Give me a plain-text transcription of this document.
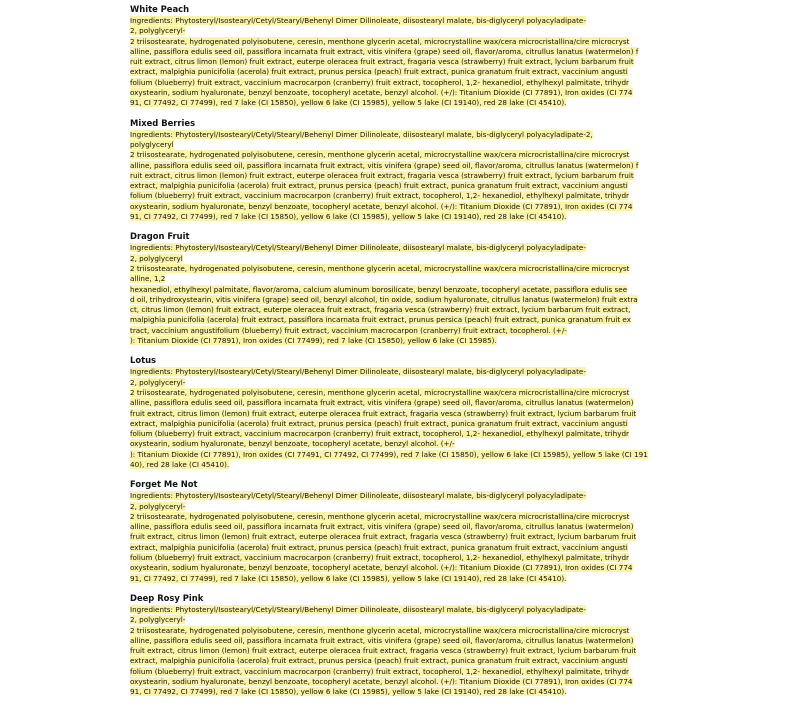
White Peach
Ingredients: Phytosteryl/Isostearyl/Cetyl/Stearyl/Behenyl Dimer Dilinoleate, diisostearyl malate, bis-diglyceryl polyacyladipate-
2, polyglyceryl-
2 triisostearate, hydrogenated polyisobutene, ceresin, menthone glycerin acetal, microcrystalline wax/cera microcristallina/cire microcryst
alline, passiflora edulis seed oil, passiflora incarnata fruit extract, vitis vinifera (grape) seed oil, flavor/aroma, citrullus lanatus (watermelon) f
ruit extract, citrus limon (lemon) fruit extract, euterpe oleracea fruit extract, fragaria vesca (strawberry) fruit extract, lycium barbarum fruit
extract, malpighia punicifolia (acerola) fruit extract, prunus persica (peach) fruit extract, punica granatum fruit extract, vaccinium angusti
folium (blueberry) fruit extract, vaccinium macrocarpon (cranberry) fruit extract, tocopherol, 1,2- hexanediol, ethylhexyl palmitate, trihydr
oxystearin, sodium hyaluronate, benzyl benzoate, tocopheryl acetate, benzyl alcohol. (+/): Titanium Dioxide (CI 77891), Iron oxides (CI 774
91, CI 77492, CI 77499), red 7 lake (CI 15850), yellow 6 lake (CI 15985), yellow 5 lake (CI 19140), red 28 lake (CI 45410).
Mixed Berries
Ingredients: Phytosteryl/Isostearyl/Cetyl/Stearyl/Behenyl Dimer Dilinoleate, diisostearyl malate, bis-diglyceryl polyacyladipate-2,
polyglyceryl
2 triisostearate, hydrogenated polyisobutene, ceresin, menthone glycerin acetal, microcrystalline wax/cera microcristallina/cire microcryst
alline, passiflora edulis seed oil, passiflora incarnata fruit extract, vitis vinifera (grape) seed oil, flavor/aroma, citrullus lanatus (watermelon) f
ruit extract, citrus limon (lemon) fruit extract, euterpe oleracea fruit extract, fragaria vesca (strawberry) fruit extract, lycium barbarum fruit
extract, malpighia punicifolia (acerola) fruit extract, prunus persica (peach) fruit extract, punica granatum fruit extract, vaccinium angusti
folium (blueberry) fruit extract, vaccinium macrocarpon (cranberry) fruit extract, tocopherol, 1,2- hexanediol, ethylhexyl palmitate, trihydr
oxystearin, sodium hyaluronate, benzyl benzoate, tocopheryl acetate, benzyl alcohol. (+/): Titanium Dioxide (CI 77891), Iron oxides (CI 774
91, CI 77492, CI 77499), red 7 lake (CI 15850), yellow 6 lake (CI 15985), yellow 5 lake (CI 19140), red 28 lake (CI 45410).
Dragon Fruit
Ingredients: Phytosteryl/Isostearyl/Cetyl/Stearyl/Behenyl Dimer Dilinoleate, diisostearyl malate, bis-diglyceryl polyacyladipate-
2, polyglyceryl
2 triisostearate, hydrogenated polyisobutene, ceresin, menthone glycerin acetal, microcrystalline wax/cera microcristallina/cire microcryst
alline, 1,2
hexanediol, ethylhexyl palmitate, flavor/aroma, calcium aluminum borosilicate, benzyl benzoate, tocopheryl acetate, passiflora edulis see
d oil, trihydroxystearin, vitis vinifera (grape) seed oil, benzyl alcohol, tin oxide, sodium hyaluronate, citrullus lanatus (watermelon) fruit extra
ct, citrus limon (lemon) fruit extract, euterpe oleracea fruit extract, fragaria vesca (strawberry) fruit extract, lycium barbarum fruit extract,
malpighia punicifolia (acerola) fruit extract, passiflora incarnata fruit extract, prunus persica (peach) fruit extract, punica granatum fruit ex
tract, vaccinium angustifolium (blueberry) fruit extract, vaccinium macrocarpon (cranberry) fruit extract, tocopherol. (+/-
): Titanium Dioxide (CI 77891), Iron oxides (CI 77499), red 7 lake (CI 15850), yellow 6 lake (CI 15985).
Lotus
Ingredients: Phytosteryl/Isostearyl/Cetyl/Stearyl/Behenyl Dimer Dilinoleate, diisostearyl malate, bis-diglyceryl polyacyladipate-
2, polyglyceryl-
2 triisostearate, hydrogenated polyisobutene, ceresin, menthone glycerin acetal, microcrystalline wax/cera microcristallina/cire microcryst
alline, passiflora edulis seed oil, passiflora incarnata fruit extract, vitis vinifera (grape) seed oil, flavor/aroma, citrullus lanatus (watermelon)
fruit extract, citrus limon (lemon) fruit extract, euterpe oleracea fruit extract, fragaria vesca (strawberry) fruit extract, lycium barbarum fruit
extract, malpighia punicifolia (acerola) fruit extract, prunus persica (peach) fruit extract, punica granatum fruit extract, vaccinium angusti
folium (blueberry) fruit extract, vaccinium macrocarpon (cranberry) fruit extract, tocopherol, 1,2- hexanediol, ethylhexyl palmitate, trihydr
oxystearin, sodium hyaluronate, benzyl benzoate, tocopheryl acetate, benzyl alcohol. (+/-
): Titanium Dioxide (CI 77891), Iron oxides (CI 77491, CI 77492, CI 77499), red 7 lake (CI 15850), yellow 6 lake (CI 15985), yellow 5 lake (CI 191
40), red 28 lake (CI 45410).
Forget Me Not
Ingredients: Phytosteryl/Isostearyl/Cetyl/Stearyl/Behenyl Dimer Dilinoleate, diisostearyl malate, bis-diglyceryl polyacyladipate-
2, polyglyceryl-
2 triisostearate, hydrogenated polyisobutene, ceresin, menthone glycerin acetal, microcrystalline wax/cera microcristallina/cire microcryst
alline, passiflora edulis seed oil, passiflora incarnata fruit extract, vitis vinifera (grape) seed oil, flavor/aroma, citrullus lanatus (watermelon)
fruit extract, citrus limon (lemon) fruit extract, euterpe oleracea fruit extract, fragaria vesca (strawberry) fruit extract, lycium barbarum fruit
extract, malpighia punicifolia (acerola) fruit extract, prunus persica (peach) fruit extract, punica granatum fruit extract, vaccinium angusti
folium (blueberry) fruit extract, vaccinium macrocarpon (cranberry) fruit extract, tocopherol, 1,2- hexanediol, ethylhexyl palmitate, trihydr
oxystearin, sodium hyaluronate, benzyl benzoate, tocopheryl acetate, benzyl alcohol. (+/): Titanium Dioxide (CI 77891), Iron oxides (CI 774
91, CI 77492, CI 77499), red 7 lake (CI 15850), yellow 6 lake (CI 15985), yellow 5 lake (CI 19140), red 28 lake (CI 45410).
Deep Rosy Pink
Ingredients: Phytosteryl/Isostearyl/Cetyl/Stearyl/Behenyl Dimer Dilinoleate, diisostearyl malate, bis-diglyceryl polyacyladipate-
2, polyglyceryl-
2 triisostearate, hydrogenated polyisobutene, ceresin, menthone glycerin acetal, microcrystalline wax/cera microcristallina/cire microcryst
alline, passiflora edulis seed oil, passiflora incarnata fruit extract, vitis vinifera (grape) seed oil, flavor/aroma, citrullus lanatus (watermelon)
fruit extract, citrus limon (lemon) fruit extract, euterpe oleracea fruit extract, fragaria vesca (strawberry) fruit extract, lycium barbarum fruit
extract, malpighia punicifolia (acerola) fruit extract, prunus persica (peach) fruit extract, punica granatum fruit extract, vaccinium angusti
folium (blueberry) fruit extract, vaccinium macrocarpon (cranberry) fruit extract, tocopherol, 1,2- hexanediol, ethylhexyl palmitate, trihydr
oxystearin, sodium hyaluronate, benzyl benzoate, tocopheryl acetate, benzyl alcohol. (+/): Titanium Dioxide (CI 77891), Iron oxides (CI 774
91, CI 77492, CI 77499), red 7 lake (CI 15850), yellow 6 lake (CI 15985), yellow 5 lake (CI 19140), red 28 lake (CI 45410).
